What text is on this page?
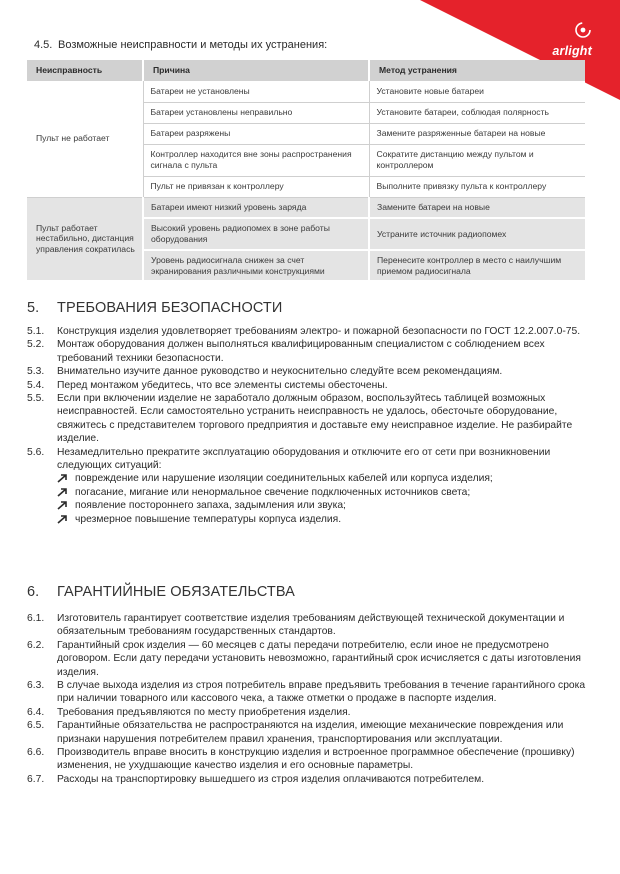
arlight
4.5. Возможные неисправности и методы их устранения:
Неисправность	Причина	Метод устранения
Пульт не работает	Батареи не установлены	Установите новые батареи
	Батареи установлены неправильно	Установите батареи, соблюдая полярность
	Батареи разряжены	Замените разряженные батареи на новые
	Контроллер находится вне зоны распространения сигнала с пульта	Сократите дистанцию между пультом и контроллером
	Пульт не привязан к контроллеру	Выполните привязку пульта к контроллеру
Пульт работает нестабильно, дистанция управления сократилась	Батареи имеют низкий уровень заряда	Замените батареи на новые
	Высокий уровень радиопомех в зоне работы оборудования	Устраните источник радиопомех
	Уровень радиосигнала снижен за счет экранирования различными конструкциями	Перенесите контроллер в место с наилучшим приемом радиосигнала
5. ТРЕБОВАНИЯ БЕЗОПАСНОСТИ
5.1.	Конструкция изделия удовлетворяет требованиям электро- и пожарной безопасности по ГОСТ 12.2.007.0-75.
5.2.	Монтаж оборудования должен выполняться квалифицированным специалистом с соблюдением всех требований техники безопасности.
5.3.	Внимательно изучите данное руководство и неукоснительно следуйте всем рекомендациям.
5.4.	Перед монтажом убедитесь, что все элементы системы обесточены.
5.5.	Если при включении изделие не заработало должным образом, воспользуйтесь таблицей возможных неисправностей. Если самостоятельно устранить неисправность не удалось, обесточьте оборудование, свяжитесь с представителем торгового предприятия и доставьте ему неисправное изделие. Не разбирайте изделие.
5.6.	Незамедлительно прекратите эксплуатацию оборудования и отключите его от сети при возникновении следующих ситуаций:
повреждение или нарушение изоляции соединительных кабелей или корпуса изделия;
погасание, мигание или ненормальное свечение подключенных источников света;
появление постороннего запаха, задымления или звука;
чрезмерное повышение температуры корпуса изделия.
6. ГАРАНТИЙНЫЕ ОБЯЗАТЕЛЬСТВА
6.1.	Изготовитель гарантирует соответствие изделия требованиям действующей технической документации и обязательным требованиям государственных стандартов.
6.2.	Гарантийный срок изделия — 60 месяцев с даты передачи потребителю, если иное не предусмотрено договором. Если дату передачи установить невозможно, гарантийный срок исчисляется с даты изготовления изделия.
6.3.	В случае выхода изделия из строя потребитель вправе предъявить требования в течение гарантийного срока при наличии товарного или кассового чека, а также отметки о продаже в паспорте изделия.
6.4.	Требования предъявляются по месту приобретения изделия.
6.5.	Гарантийные обязательства не распространяются на изделия, имеющие механические повреждения или признаки нарушения потребителем правил хранения, транспортирования или эксплуатации.
6.6.	Производитель вправе вносить в конструкцию изделия и встроенное программное обеспечение (прошивку) изменения, не ухудшающие качество изделия и его основные параметры.
6.7.	Расходы на транспортировку вышедшего из строя изделия оплачиваются потребителем.
